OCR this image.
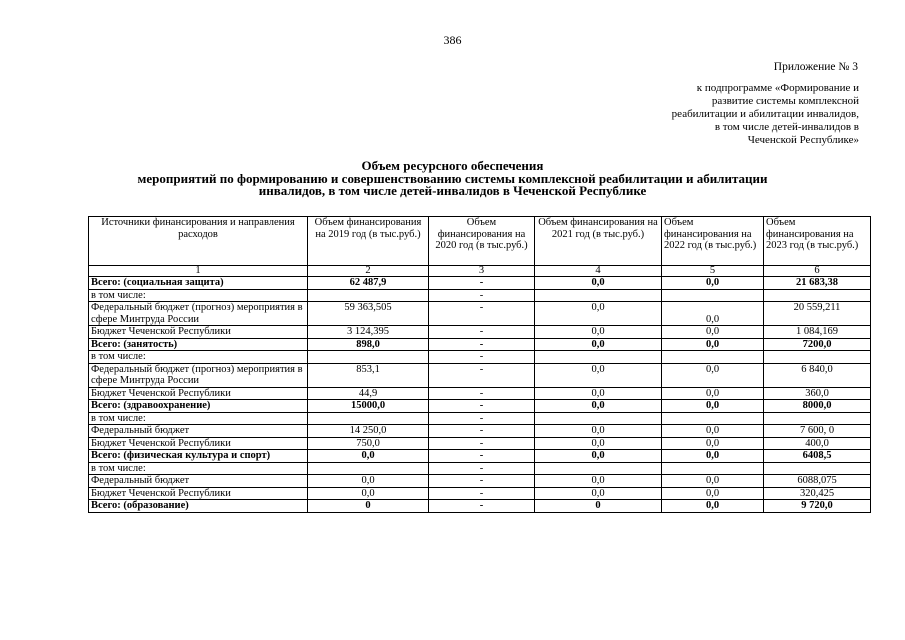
386
Приложение № 3
к подпрограмме «Формирование и
развитие системы комплексной
реабилитации и абилитации инвалидов,
в том числе детей-инвалидов в
Чеченской Республике»
Объем ресурсного обеспечения
мероприятий по формированию и совершенствованию системы комплексной реабилитации и абилитации
инвалидов, в том числе детей-инвалидов в Чеченской Республике
Источники финансирования и направления расходов	Объем финансирования на 2019 год (в тыс.руб.)	Объем финансирования на 2020 год (в тыс.руб.)	Объем финансирования на 2021 год (в тыс.руб.)	Объем финансирования на 2022 год (в тыс.руб.)	Объем финансирования на 2023 год (в тыс.руб.)
1	2	3	4	5	6
Всего: (социальная защита)	62 487,9	-	0,0	0,0	21 683,38
в том числе:		-			
Федеральный бюджет (прогноз) мероприятия в сфере Минтруда России	59 363,505	-	0,0	0,0	20 559,211
Бюджет Чеченской Республики	3 124,395	-	0,0	0,0	1 084,169
Всего: (занятость)	898,0	-	0,0	0,0	7200,0
в том числе:		-			
Федеральный бюджет (прогноз) мероприятия в сфере Минтруда России	853,1	-	0,0	0,0	6 840,0
Бюджет Чеченской Республики	44,9	-	0,0	0,0	360,0
Всего: (здравоохранение)	15000,0	-	0,0	0,0	8000,0
в том числе:		-			
Федеральный бюджет	14 250,0	-	0,0	0,0	7 600, 0
Бюджет Чеченской Республики	750,0	-	0,0	0,0	400,0
Всего: (физическая культура и спорт)	0,0	-	0,0	0,0	6408,5
в том числе:		-			
Федеральный бюджет	0,0	-	0,0	0,0	6088,075
Бюджет Чеченской Республики	0,0	-	0,0	0,0	320,425
Всего: (образование)	0	-	0	0,0	9 720,0
